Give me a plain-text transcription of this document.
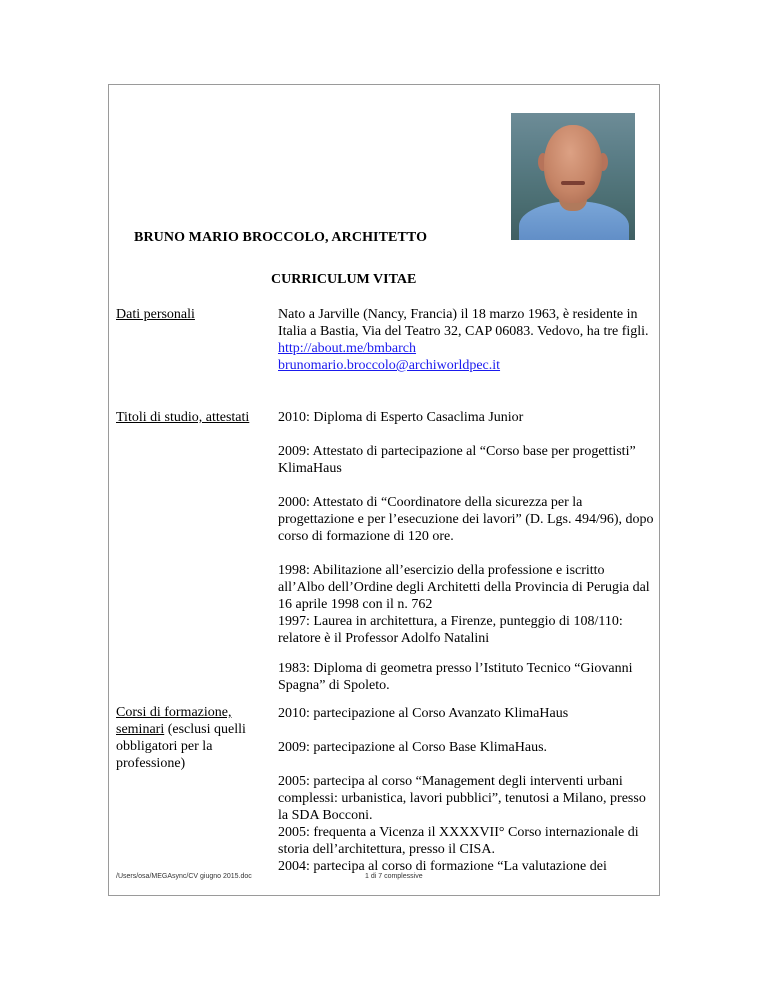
BRUNO MARIO BROCCOLO, ARCHITETTO
CURRICULUM VITAE
Dati personali	Nato a Jarville (Nancy, Francia) il 18 marzo 1963, è residente in
Italia a Bastia, Via del Teatro 32, CAP 06083. Vedovo, ha tre figli.
http://about.me/bmbarch
brunomario.broccolo@archiworldpec.it
Titoli di studio, attestati 2010: Diploma di Esperto Casaclima Junior
2009: Attestato di partecipazione al “Corso base per progettisti”
KlimaHaus
2000: Attestato di “Coordinatore della sicurezza per la
progettazione e per l’esecuzione dei lavori” (D. Lgs. 494/96), dopo
corso di formazione di 120 ore.
1998: Abilitazione all’esercizio della professione e iscritto
all’Albo dell’Ordine degli Architetti della Provincia di Perugia dal
16 aprile 1998 con il n. 762
1997: Laurea in architettura, a Firenze, punteggio di 108/110:
relatore è il Professor Adolfo Natalini
1983: Diploma di geometra presso l’Istituto Tecnico “Giovanni
Spagna” di Spoleto.
Corsi di formazione,
seminari (esclusi quelli
obbligatori per la
professione)
2010: partecipazione al Corso Avanzato KlimaHaus
2009: partecipazione al Corso Base KlimaHaus.
2005: partecipa al corso “Management degli interventi urbani
complessi: urbanistica, lavori pubblici”, tenutosi a Milano, presso
la SDA Bocconi.
2005: frequenta a Vicenza il XXXXVII° Corso internazionale di
storia dell’architettura, presso il CISA.
2004: partecipa al corso di formazione “La valutazione dei
/Users/osa/MEGAsync/CV giugno 2015.doc	1 di 7 complessive
